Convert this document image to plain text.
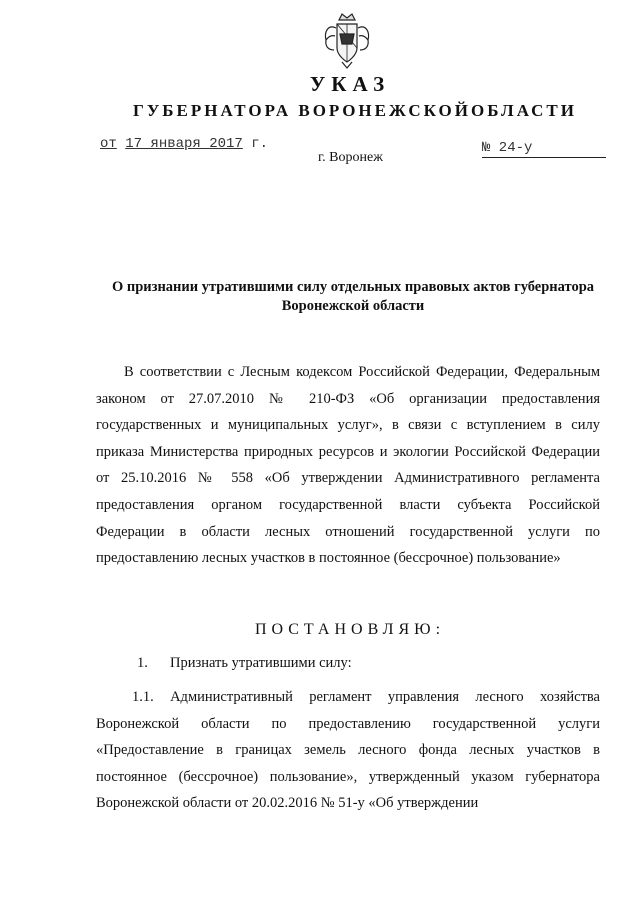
УКАЗ
ГУБЕРНАТОРА ВОРОНЕЖСКОЙОБЛАСТИ
от 17 января 2017 г.	№ 24-у
г. Воронеж
О признании утратившими силу отдельных правовых актов губернатора Воронежской области
В соответствии с Лесным кодексом Российской Федерации, Федеральным законом от 27.07.2010 № 210-ФЗ «Об организации предоставления государственных и муниципальных услуг», в связи с вступлением в силу приказа Министерства природных ресурсов и экологии Российской Федерации от 25.10.2016 № 558 «Об утверждении Административного регламента предоставления органом государственной власти субъекта Российской Федерации в области лесных отношений государственной услуги по предоставлению лесных участков в постоянное (бессрочное) пользование»
ПОСТАНОВЛЯЮ:
1. Признать утратившими силу:
1.1. Административный регламент управления лесного хозяйства Воронежской области по предоставлению государственной услуги «Предоставление в границах земель лесного фонда лесных участков в постоянное (бессрочное) пользование», утвержденный указом губернатора Воронежской области от 20.02.2016 № 51-у «Об утверждении
